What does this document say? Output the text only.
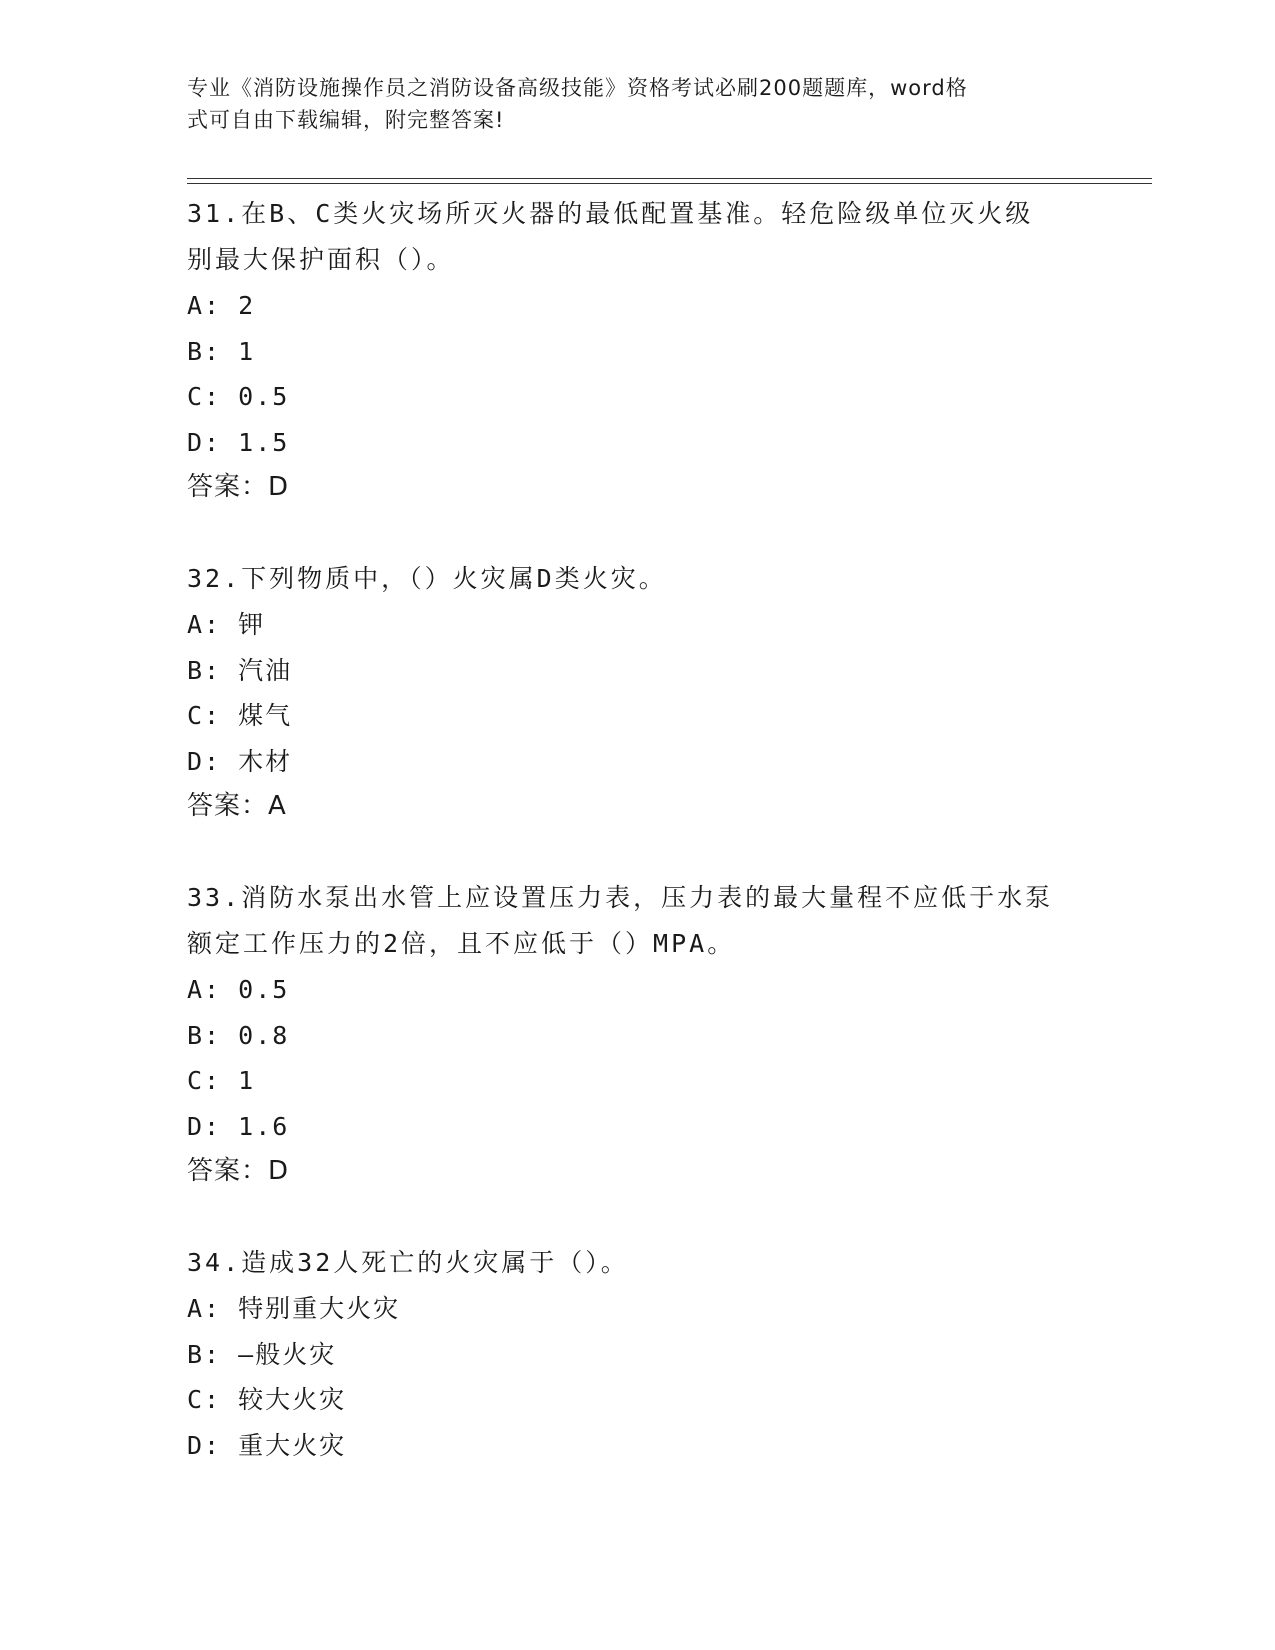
专业《消防设施操作员之消防设备高级技能》资格考试必刷200题题库，word格
式可自由下载编辑，附完整答案!
31.在B、C类火灾场所灭火器的最低配置基准。轻危险级单位灭火级
别最大保护面积（）。
A: 2
B: 1
C: 0.5
D: 1.5
答案：D
32.下列物质中，（）火灾属D类火灾。
A: 钾
B: 汽油
C: 煤气
D: 木材
答案：A
33.消防水泵出水管上应设置压力表，压力表的最大量程不应低于水泵
额定工作压力的2倍，且不应低于（）MPA。
A: 0.5
B: 0.8
C: 1
D: 1.6
答案：D
34.造成32人死亡的火灾属于（）。
A: 特别重大火灾
B: —般火灾
C: 较大火灾
D: 重大火灾
